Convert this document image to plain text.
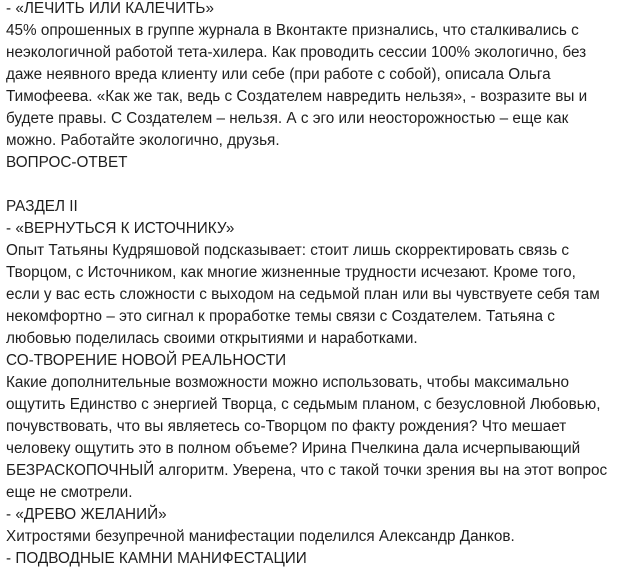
- «ЛЕЧИТЬ ИЛИ КАЛЕЧИТЬ»
45% опрошенных в группе журнала в Вконтакте признались, что сталкивались с
неэкологичной работой тета-хилера. Как проводить сессии 100% экологично, без
даже неявного вреда клиенту или себе (при работе с собой), описала Ольга
Тимофеева. «Как же так, ведь с Создателем навредить нельзя», - возразите вы и
будете правы. С Создателем – нельзя. А с эго или неосторожностью – еще как
можно. Работайте экологично, друзья.
ВОПРОС-ОТВЕТ
РАЗДЕЛ II
- «ВЕРНУТЬСЯ К ИСТОЧНИКУ»
Опыт Татьяны Кудряшовой подсказывает: стоит лишь скорректировать связь с
Творцом, с Источником, как многие жизненные трудности исчезают. Кроме того,
если у вас есть сложности с выходом на седьмой план или вы чувствуете себя там
некомфортно – это сигнал к проработке темы связи с Создателем. Татьяна с
любовью поделилась своими открытиями и наработками.
СО-ТВОРЕНИЕ НОВОЙ РЕАЛЬНОСТИ
Какие дополнительные возможности можно использовать, чтобы максимально
ощутить Единство с энергией Творца, с седьмым планом, с безусловной Любовью,
почувствовать, что вы являетесь со-Творцом по факту рождения? Что мешает
человеку ощутить это в полном объеме? Ирина Пчелкина дала исчерпывающий
БЕЗРАСКОПОЧНЫЙ алгоритм. Уверена, что с такой точки зрения вы на этот вопрос
еще не смотрели.
- «ДРЕВО ЖЕЛАНИЙ»
Хитростями безупречной манифестации поделился Александр Данков.
- ПОДВОДНЫЕ КАМНИ МАНИФЕСТАЦИИ
